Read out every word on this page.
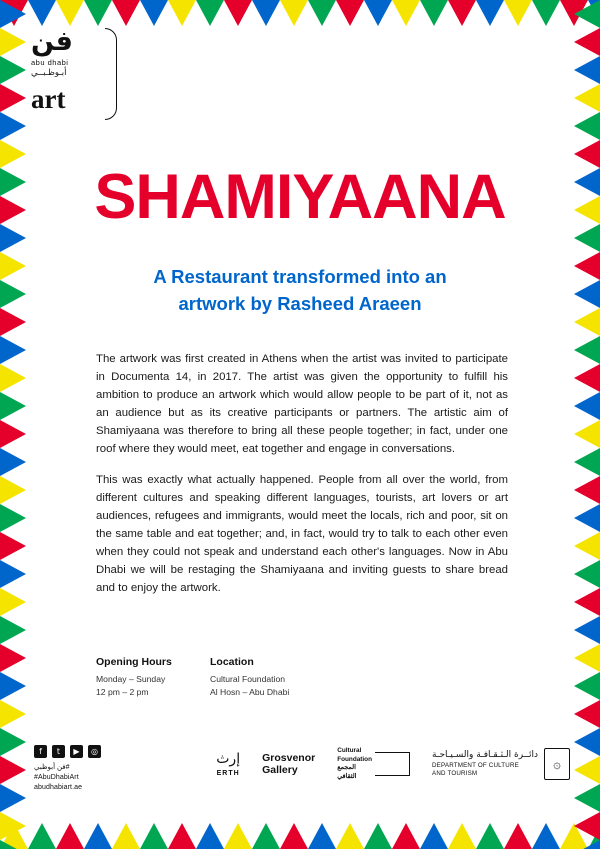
فن
abu dhabi
أبـوظـبــي
art
SHAMIYAANA
A Restaurant transformed into an
artwork by Rasheed Araeen

The artwork was first created in Athens when the artist was invited to participate in Documenta 14, in 2017. The artist was given the opportunity to fulfill his ambition to produce an artwork which would allow people to be part of it, not as an audience but as its creative participants or partners. The artistic aim of Shamiyaana was therefore to bring all these people together; in fact, under one roof where they would meet, eat together and engage in conversations.

This was exactly what actually happened. People from all over the world, from different cultures and speaking different languages, tourists, art lovers or art audiences, refugees and immigrants, would meet the locals, rich and poor, sit on the same table and eat together; and, in fact, would try to talk to each other even when they could not speak and understand each other's languages. Now in Abu Dhabi we will be restaging the Shamiyaana and inviting guests to share bread and to enjoy the artwork.

Opening Hours
Monday – Sunday
12 pm – 2 pm
Location
Cultural Foundation
Al Hosn – Abu Dhabi
f	t	▶	◎
فن أبوظبي#
#AbuDhabiArt
abudhabiart.ae
إرث
ERTH
Grosvenor
Gallery
Cultural
Foundation
المجمع
الثقافي
دائــرة الـثـقـافـة والسـيـاحـة
DEPARTMENT OF CULTURE
AND TOURISM
۞
